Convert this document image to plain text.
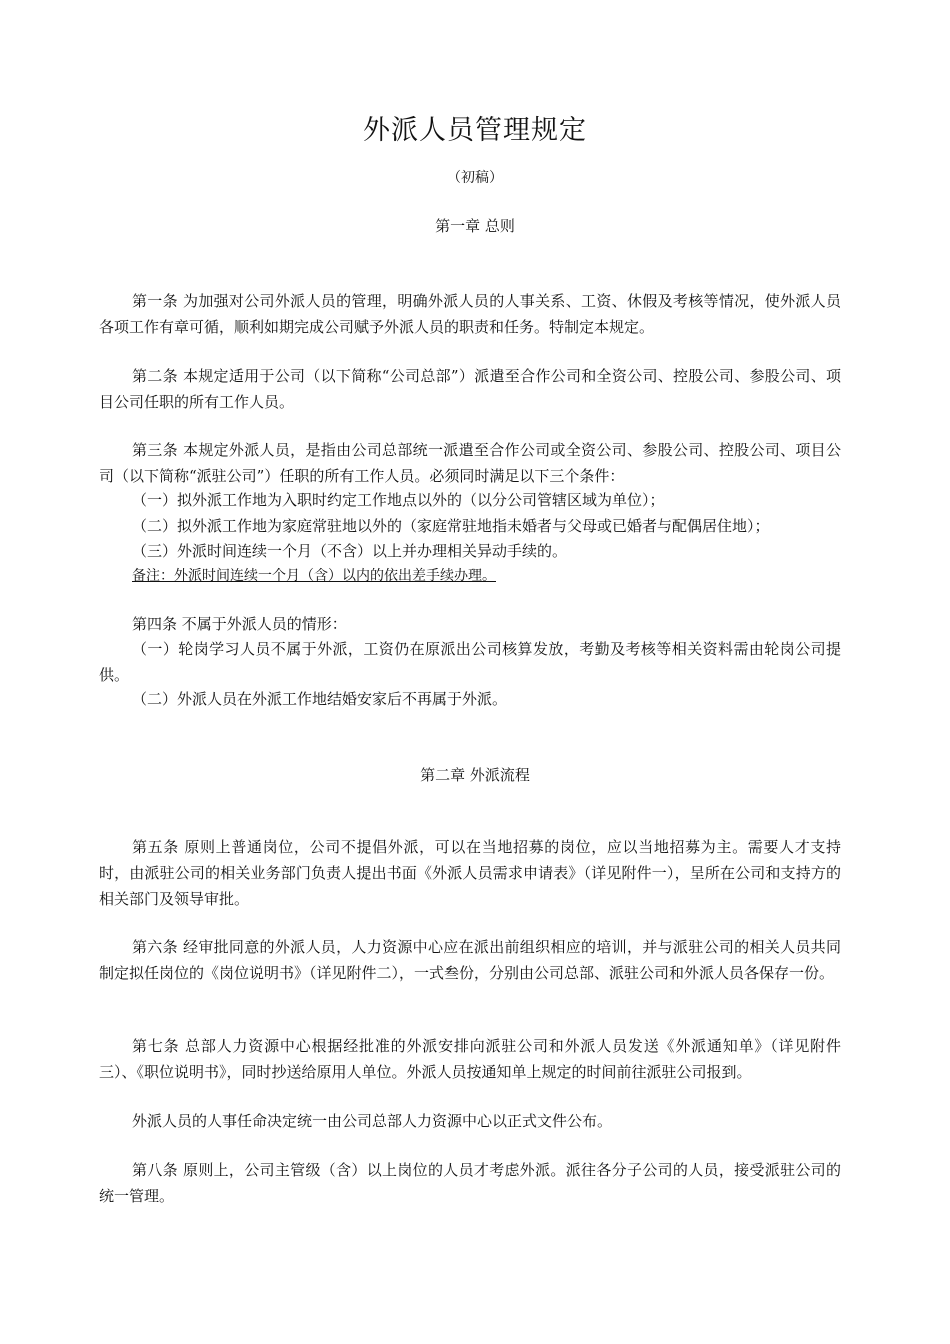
外派人员管理规定
（初稿）
第一章 总则
第一条 为加强对公司外派人员的管理，明确外派人员的人事关系、工资、休假及考核等情况，使外派人员各项工作有章可循，顺利如期完成公司赋予外派人员的职责和任务。特制定本规定。
第二条 本规定适用于公司（以下简称“公司总部”）派遣至合作公司和全资公司、控股公司、参股公司、项目公司任职的所有工作人员。
第三条 本规定外派人员，是指由公司总部统一派遣至合作公司或全资公司、参股公司、控股公司、项目公司（以下简称“派驻公司”）任职的所有工作人员。必须同时满足以下三个条件：
（一）拟外派工作地为入职时约定工作地点以外的（以分公司管辖区域为单位）；
（二）拟外派工作地为家庭常驻地以外的（家庭常驻地指未婚者与父母或已婚者与配偶居住地）；
（三）外派时间连续一个月（不含）以上并办理相关异动手续的。
备注：外派时间连续一个月（含）以内的依出差手续办理。
第四条 不属于外派人员的情形：
（一）轮岗学习人员不属于外派，工资仍在原派出公司核算发放，考勤及考核等相关资料需由轮岗公司提供。
（二）外派人员在外派工作地结婚安家后不再属于外派。
第二章 外派流程
第五条 原则上普通岗位，公司不提倡外派，可以在当地招募的岗位，应以当地招募为主。需要人才支持时，由派驻公司的相关业务部门负责人提出书面《外派人员需求申请表》（详见附件一），呈所在公司和支持方的相关部门及领导审批。
第六条 经审批同意的外派人员，人力资源中心应在派出前组织相应的培训，并与派驻公司的相关人员共同制定拟任岗位的《岗位说明书》（详见附件二），一式叁份，分别由公司总部、派驻公司和外派人员各保存一份。
第七条 总部人力资源中心根据经批准的外派安排向派驻公司和外派人员发送《外派通知单》（详见附件三）、《职位说明书》，同时抄送给原用人单位。外派人员按通知单上规定的时间前往派驻公司报到。
外派人员的人事任命决定统一由公司总部人力资源中心以正式文件公布。
第八条 原则上，公司主管级（含）以上岗位的人员才考虑外派。派往各分子公司的人员，接受派驻公司的统一管理。
